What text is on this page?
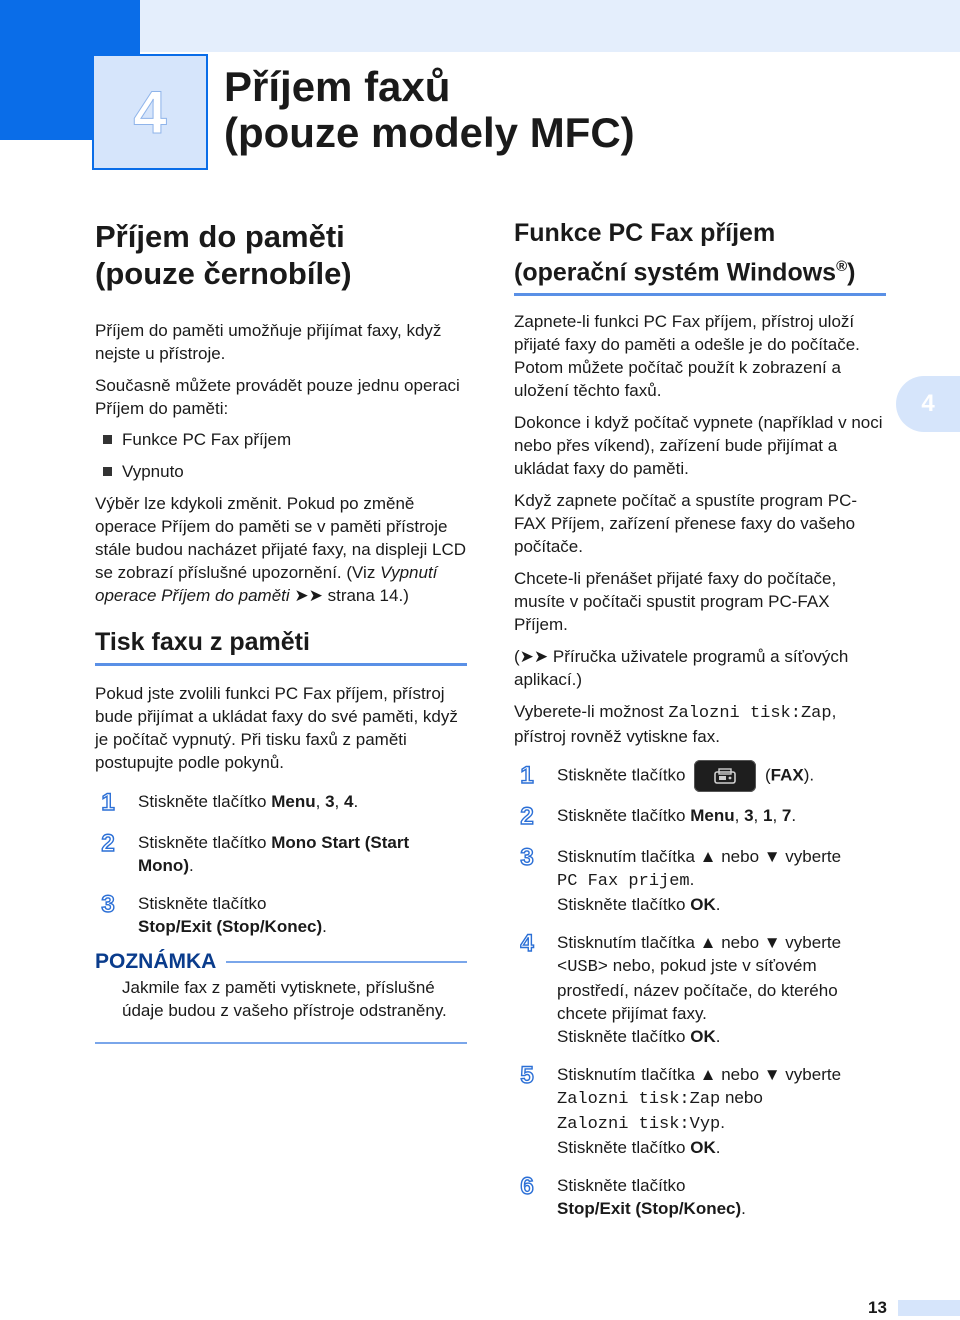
4	Příjem faxů
(pouze modely MFC)
4
Příjem do paměti
(pouze černobíle)

Příjem do paměti umožňuje přijímat faxy, když nejste u přístroje.

Současně můžete provádět pouze jednu operaci Příjem do paměti:

Funkce PC Fax příjem
Vypnuto

Výběr lze kdykoli změnit. Pokud po změně operace Příjem do paměti se v paměti přístroje stále budou nacházet přijaté faxy, na displeji LCD se zobrazí příslušné upozornění. (Viz Vypnutí operace Příjem do paměti ➤➤ strana 14.)

Tisk faxu z paměti

Pokud jste zvolili funkci PC Fax příjem, přístroj bude přijímat a ukládat faxy do své paměti, když je počítač vypnutý. Při tisku faxů z paměti postupujte podle pokynů.

1	Stiskněte tlačítko Menu, 3, 4.
2	Stiskněte tlačítko Mono Start (Start Mono).
3	Stiskněte tlačítko
Stop/Exit (Stop/Konec).
POZNÁMKA

Jakmile fax z paměti vytisknete, příslušné údaje budou z vašeho přístroje odstraněny.

Funkce PC Fax příjem
(operační systém Windows®)

Zapnete-li funkci PC Fax příjem, přístroj uloží přijaté faxy do paměti a odešle je do počítače. Potom můžete počítač použít k zobrazení a uložení těchto faxů.

Dokonce i když počítač vypnete (například v noci nebo přes víkend), zařízení bude přijímat a ukládat faxy do paměti.

Když zapnete počítač a spustíte program PC-FAX Příjem, zařízení přenese faxy do vašeho počítače.

Chcete-li přenášet přijaté faxy do počítače, musíte v počítači spustit program PC-FAX Příjem.

(➤➤ Příručka uživatele programů a síťových aplikací.)

Vyberete-li možnost Zalozni tisk:Zap, přístroj rovněž vytiskne fax.

1	Stiskněte tlačítko	(FAX).
2	Stiskněte tlačítko Menu, 3, 1, 7.
3	Stisknutím tlačítka ▲ nebo ▼ vyberte
PC Fax prijem.
Stiskněte tlačítko OK.
4	Stisknutím tlačítka ▲ nebo ▼ vyberte
<USB> nebo, pokud jste v síťovém prostředí, název počítače, do kterého chcete přijímat faxy.
Stiskněte tlačítko OK.
5	Stisknutím tlačítka ▲ nebo ▼ vyberte
Zalozni tisk:Zap nebo
Zalozni tisk:Vyp.
Stiskněte tlačítko OK.
6	Stiskněte tlačítko
Stop/Exit (Stop/Konec).
13
